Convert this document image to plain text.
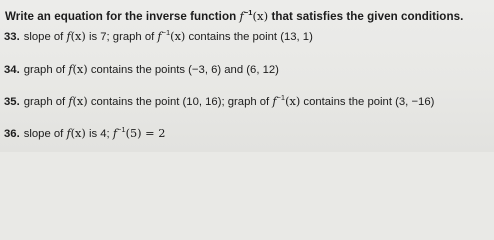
Write an equation for the inverse function $f^{-1}(x)$ that satisfies the given conditions.
33. slope of f(x) is 7; graph of $f^{-1}(x)$ contains the point (13, 1)
34. graph of f(x) contains the points (−3, 6) and (6, 12)
35. graph of f(x) contains the point (10, 16); graph of $f^{-1}(x)$ contains the point (3, −16)
36. slope of f(x) is 4; $f^{-1}(5) = 2$
